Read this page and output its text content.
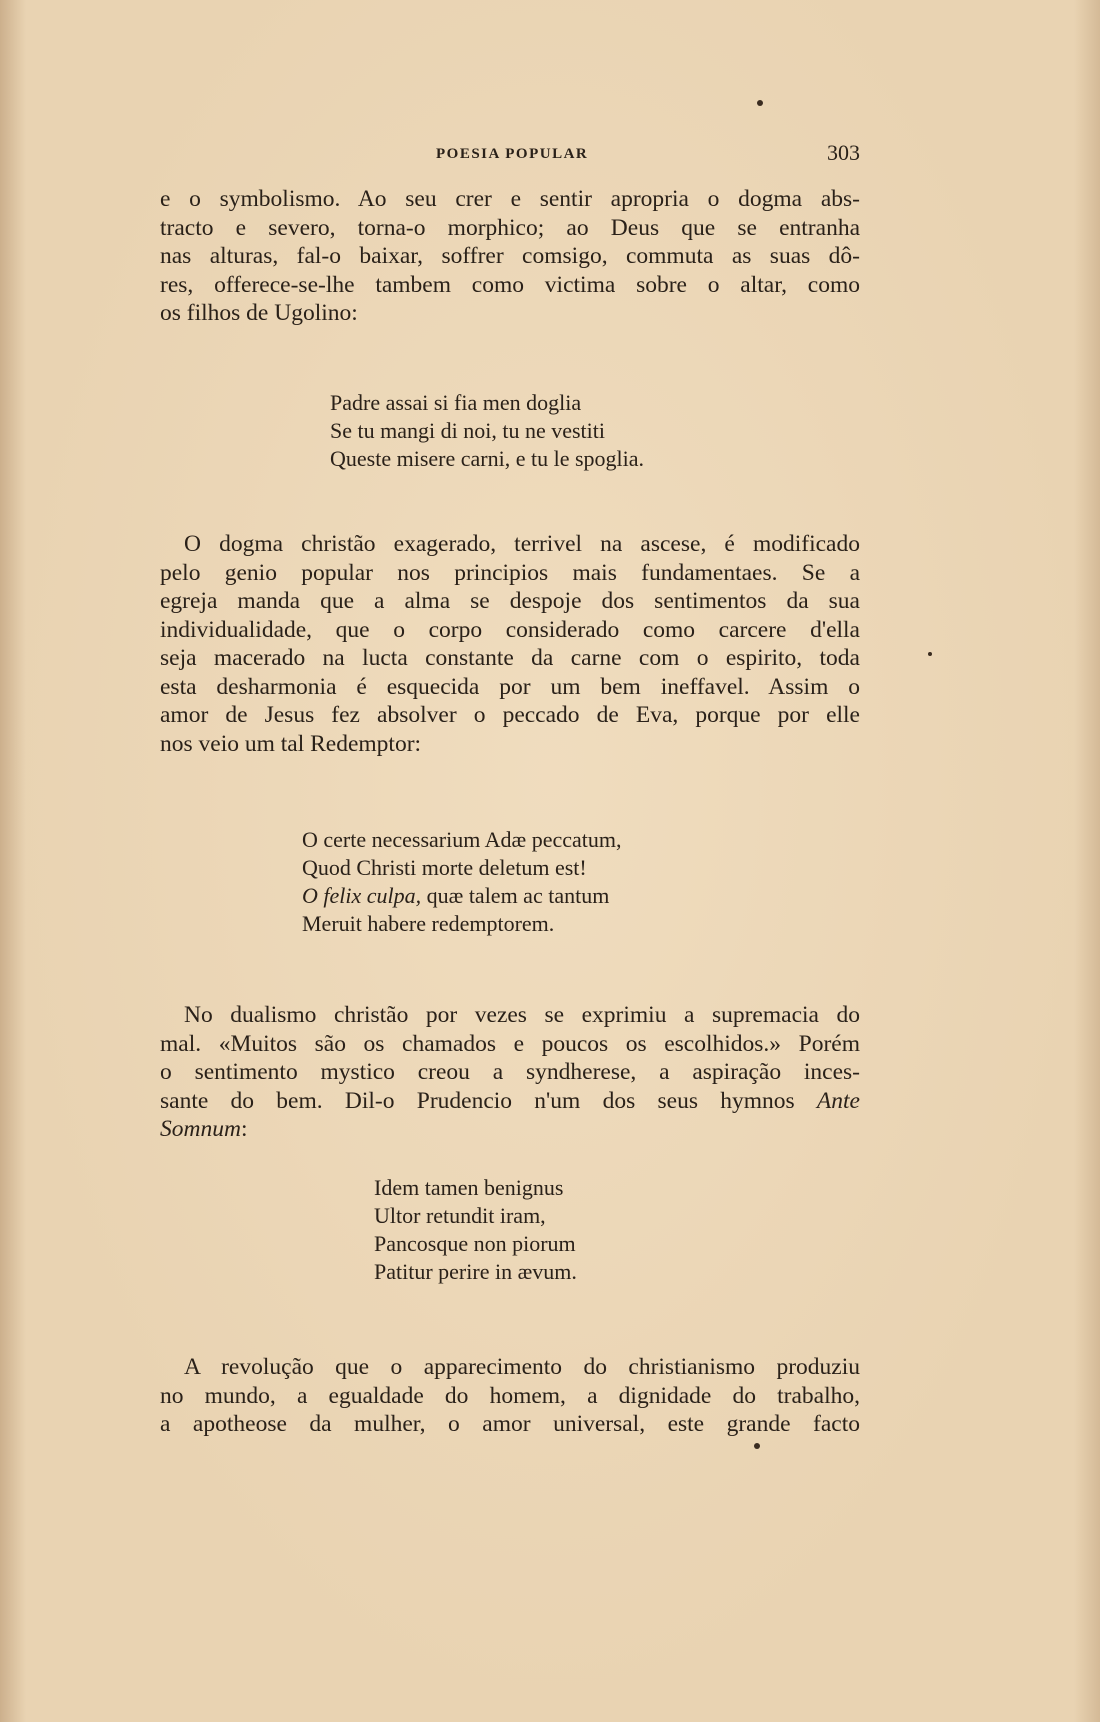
POESIA POPULAR	303
e o symbolismo. Ao seu crer e sentir apropria o dogma abs-
tracto e severo, torna-o morphico; ao Deus que se entranha
nas alturas, fal-o baixar, soffrer comsigo, commuta as suas dô-
res, offerece-se-lhe tambem como victima sobre o altar, como
os filhos de Ugolino:
Padre assai si fia men doglia
Se tu mangi di noi, tu ne vestiti
Queste misere carni, e tu le spoglia.
O dogma christão exagerado, terrivel na ascese, é modificado
pelo genio popular nos principios mais fundamentaes. Se a
egreja manda que a alma se despoje dos sentimentos da sua
individualidade, que o corpo considerado como carcere d'ella
seja macerado na lucta constante da carne com o espirito, toda
esta desharmonia é esquecida por um bem ineffavel. Assim o
amor de Jesus fez absolver o peccado de Eva, porque por elle
nos veio um tal Redemptor:
O certe necessarium Adæ peccatum,
Quod Christi morte deletum est!
O felix culpa, quæ talem ac tantum
Meruit habere redemptorem.
No dualismo christão por vezes se exprimiu a supremacia do
mal. «Muitos são os chamados e poucos os escolhidos.» Porém
o sentimento mystico creou a syndherese, a aspiração inces-
sante do bem. Dil-o Prudencio n'um dos seus hymnos Ante
Somnum:
Idem tamen benignus
Ultor retundit iram,
Pancosque non piorum
Patitur perire in ævum.
A revolução que o apparecimento do christianismo produziu
no mundo, a egualdade do homem, a dignidade do trabalho,
a apotheose da mulher, o amor universal, este grande facto
